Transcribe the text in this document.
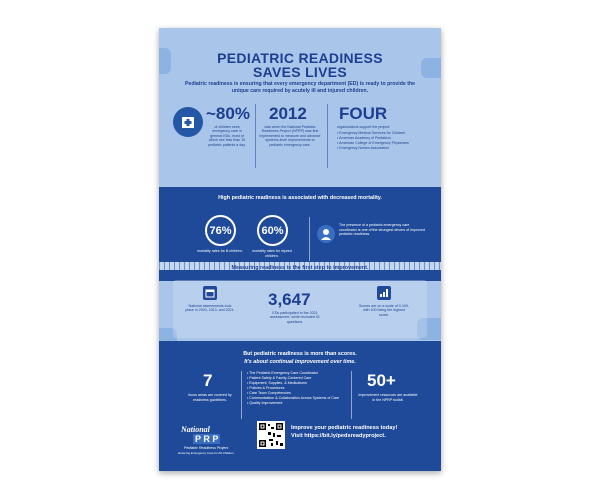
PEDIATRIC READINESS
SAVES LIVES
Pediatric readiness is ensuring that every emergency department (ED) is ready to provide the unique care required by acutely ill and injured children.
~80%
of children seek emergency care in general EDs, most of which see less than 15 pediatric patients a day.
2012
was when the National Pediatric Readiness Project (NPRP) was first implemented to measure and advance systems-level improvements to pediatric emergency care.
FOUR
organizations support the project:
• Emergency Medical Services for Children
• American Academy of Pediatrics
• American College of Emergency Physicians
• Emergency Nurses Association
High pediatric readiness is associated with decreased mortality.
76%
mortality rates for ill children.
60%
mortality rates for injured children.
The presence of a pediatric emergency care coordinator is one of the strongest drivers of improved pediatric readiness.
Measuring readiness is the first step to improvement.
National assessments took place in 2003, 2013, and 2021.
3,647
EDs participated in the 2021 assessment, which included 91 questions.
Scores are on a scale of 0-100, with 100 being the highest score.
But pediatric readiness is more than scores.
It's about continual improvement over time.
7
focus areas are covered by readiness guidelines.
• The Pediatric Emergency Care Coordinator
• Patient Safety & Family-Centered Care
• Equipment, Supplies, & Medications
• Policies & Procedures
• Care Team Competencies
• Communication & Collaboration Across Systems of Care
• Quality Improvement
50+
improvement resources are available in the NPRP toolkit.
National
P R P
Pediatric Readiness Project
Ensuring Emergency Care for All Children
Improve your pediatric readiness today!
Visit https://bit.ly/pedsreadyproject.
